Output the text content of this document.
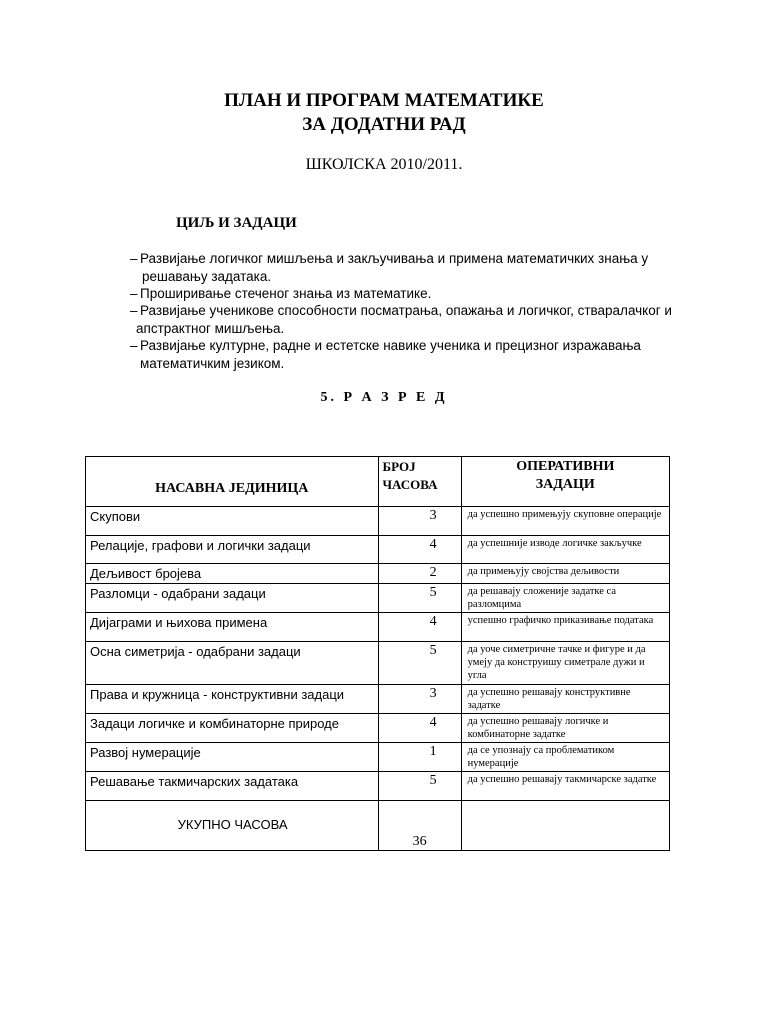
ПЛАН И ПРОГРАМ МАТЕМАТИКЕ
ЗА ДОДАТНИ РАД
ШКОЛСКА 2010/2011.
ЦИЉ И ЗАДАЦИ
– Развијање логичког мишљења и закључивања и примена математичких знања у
решавању задатака.
– Проширивање стеченог знања из математике.
– Развијање ученикове способности посматрања, опажања и логичког, стваралачког и
апстрактног мишљења.
– Развијање културне, радне и естетске навике ученика и прецизног изражавања
математичким језиком.
5. Р А З Р Е Д
НАСАВНА ЈЕДИНИЦА	БРОЈ ЧАСОВА	ОПЕРАТИВНИ ЗАДАЦИ
Скупови	3	да успешно примењују скуповне операције
Релације, графови и логички задаци	4	да успешније изводе логичке закључке
Дељивост бројева	2	да примењују својства дељивости
Разломци - одабрани задаци	5	да решавају сложеније задатке са разломцима
Дијаграми и њихова примена	4	успешно графичко приказивање података
Осна симетрија - одабрани задаци	5	да уоче симетричне тачке и фигуре и да умеју да конструишу симетрале дужи и угла
Права и кружница - конструктивни задаци	3	да успешно решавају конструктивне задатке
Задаци логичке и комбинаторне природе	4	да успешно решавају логичке и комбинаторне задатке
Развој нумерације	1	да се упознају са проблематиком нумерације
Решавање такмичарских задатака	5	да успешно решавају такмичарске задатке
УКУПНО ЧАСОВА	36	
